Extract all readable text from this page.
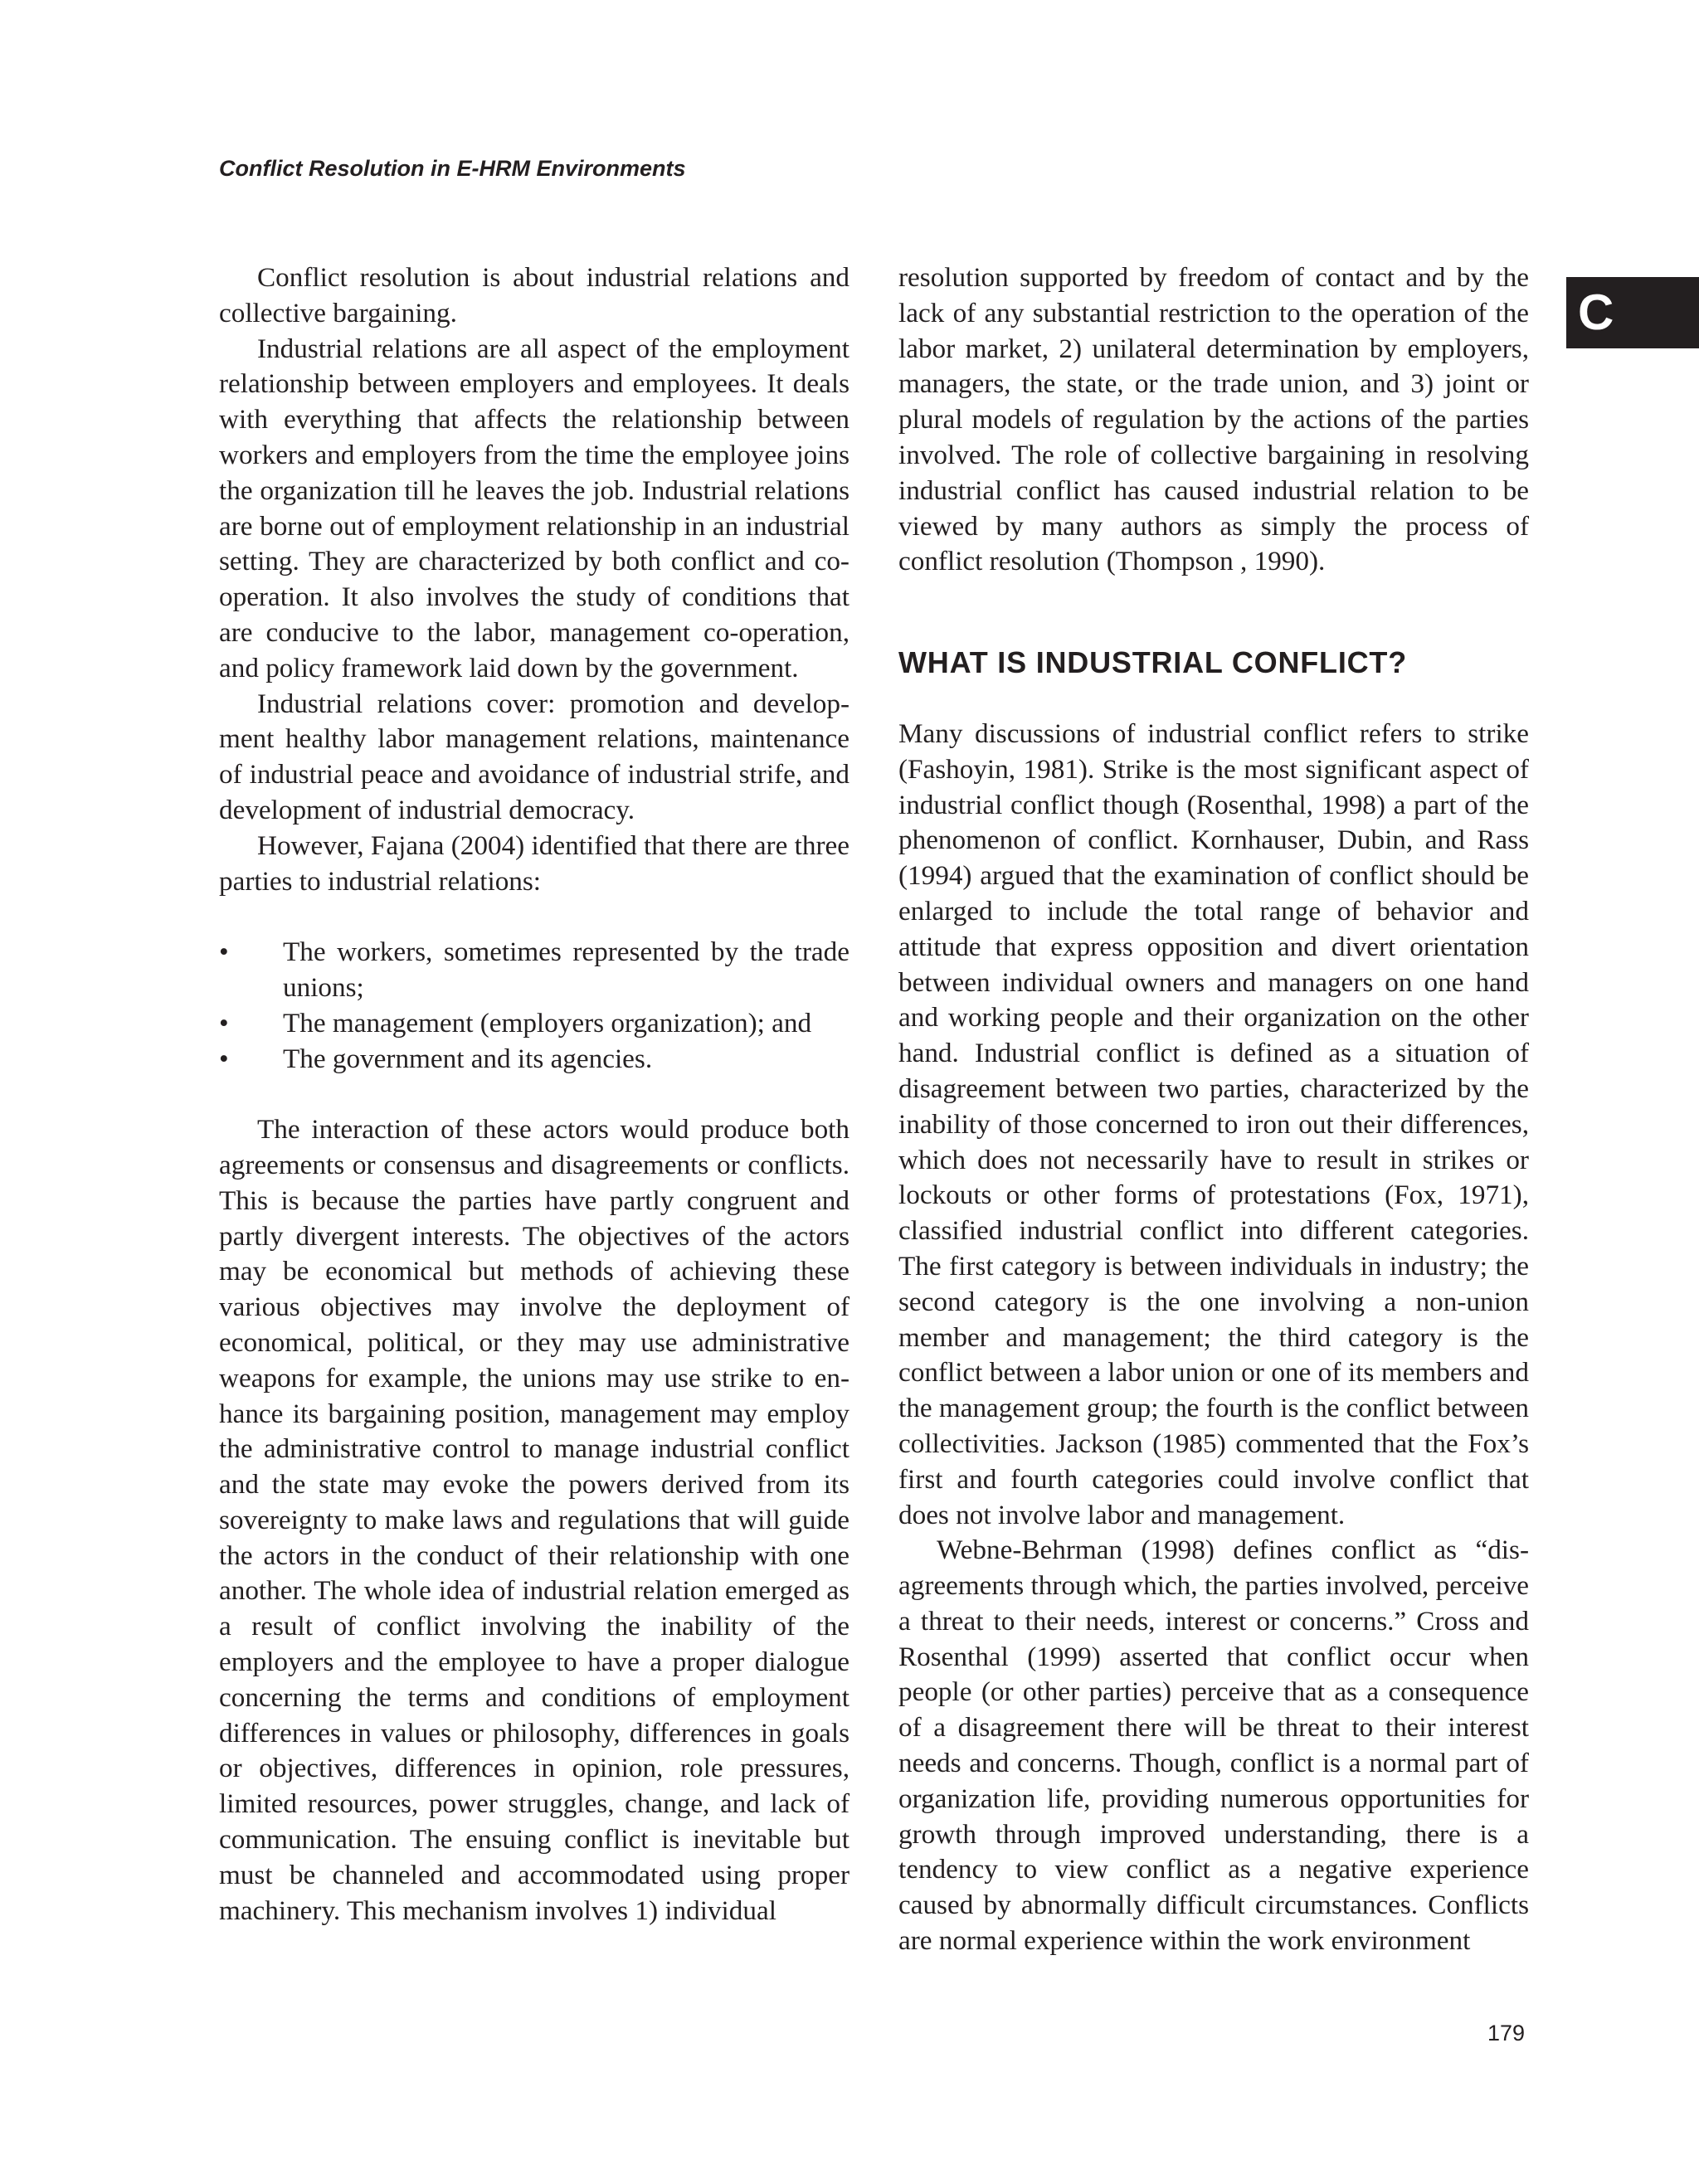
Conflict Resolution in E-HRM Environments
C

Conflict resolution is about industrial relations and collective bargaining.

Industrial relations are all aspect of the employment relationship between employers and employees. It deals with everything that affects the relationship between workers and employers from the time the employee joins the organization till he leaves the job. Industrial relations are borne out of employment relationship in an industrial setting. They are characterized by both conflict and co-operation. It also involves the study of conditions that are conducive to the labor, management co-operation, and policy framework laid down by the government.

Industrial relations cover: promotion and development healthy labor management relations, maintenance of industrial peace and avoidance of industrial strife, and development of industrial democracy.

However, Fajana (2004) identified that there are three parties to industrial relations:

• The workers, sometimes represented by the trade unions;
• The management (employers organization); and
• The government and its agencies.

The interaction of these actors would produce both agreements or consensus and disagreements or conflicts. This is because the parties have partly congruent and partly divergent interests. The objectives of the actors may be economical but methods of achieving these various objectives may involve the deployment of economical, political, or they may use administrative weapons for example, the unions may use strike to enhance its bargaining position, management may employ the administrative control to manage industrial conflict and the state may evoke the powers derived from its sovereignty to make laws and regulations that will guide the actors in the conduct of their relationship with one another. The whole idea of industrial relation emerged as a result of conflict involving the inability of the employers and the employee to have a proper dialogue concerning the terms and conditions of employment differences in values or philosophy, differences in goals or objectives, differences in opinion, role pressures, limited resources, power struggles, change, and lack of communication. The ensuing conflict is inevitable but must be channeled and accommodated using proper machinery. This mechanism involves 1) individual

resolution supported by freedom of contact and by the lack of any substantial restriction to the operation of the labor market, 2) unilateral determination by employers, managers, the state, or the trade union, and 3) joint or plural models of regulation by the actions of the parties involved. The role of collective bargaining in resolving industrial conflict has caused industrial relation to be viewed by many authors as simply the process of conflict resolution (Thompson , 1990).

WHAT IS INDUSTRIAL CONFLICT?

Many discussions of industrial conflict refers to strike (Fashoyin, 1981). Strike is the most significant aspect of industrial conflict though (Rosenthal, 1998) a part of the phenomenon of conflict. Kornhauser, Dubin, and Rass (1994) argued that the examination of conflict should be enlarged to include the total range of behavior and attitude that express opposition and divert orientation between individual owners and managers on one hand and working people and their organization on the other hand. Industrial conflict is defined as a situation of disagreement between two parties, characterized by the inability of those concerned to iron out their differences, which does not necessarily have to result in strikes or lockouts or other forms of protestations (Fox, 1971), classified industrial conflict into different categories. The first category is between individuals in industry; the second category is the one involving a non-union member and management; the third category is the conflict between a labor union or one of its members and the management group; the fourth is the conflict between collectivities. Jackson (1985) commented that the Fox’s first and fourth categories could involve conflict that does not involve labor and management.

Webne-Behrman (1998) defines conflict as “disagreements through which, the parties involved, perceive a threat to their needs, interest or concerns.” Cross and Rosenthal (1999) asserted that conflict occur when people (or other parties) perceive that as a consequence of a disagreement there will be threat to their interest needs and concerns. Though, conflict is a normal part of organization life, providing numerous opportunities for growth through improved understanding, there is a tendency to view conflict as a negative experience caused by abnormally difficult circumstances. Conflicts are normal experience within the work environment

179
